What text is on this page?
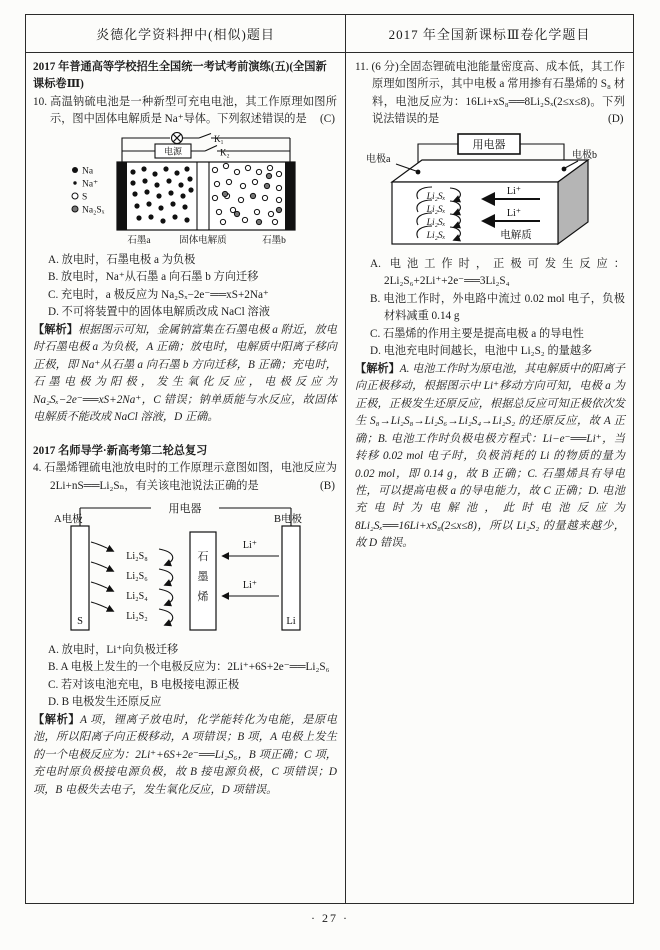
炎德化学资料押中(相似)题目	2017 年全国新课标Ⅲ卷化学题目

2017 年普通高等学校招生全国统一考试考前演练(五)(全国新课标卷Ⅲ)

10. 高温钠硫电池是一种新型可充电电池，其工作原理如图所示，图中固体电解质是 Na⁺导体。下列叙述错误的是 (C)

K₁
电源	K₂
Na
Na⁺
S
Na₂Sₓ
石墨a	固体电解质	石墨b

A. 放电时，石墨电极 a 为负极

B. 放电时，Na⁺从石墨 a 向石墨 b 方向迁移

C. 充电时，a 极反应为 Na₂Sₓ−2e⁻══xS+2Na⁺

D. 不可将装置中的固体电解质改成 NaCl 溶液

【解析】根据图示可知，金属钠富集在石墨电极 a 附近，放电时石墨电极 a 为负极，A 正确；放电时，电解质中阳离子移向正极，即 Na⁺从石墨 a 向石墨 b 方向迁移，B 正确；充电时，石墨电极为阳极，发生氧化反应，电极反应为 Na₂Sₓ−2e⁻══xS+2Na⁺，C 错误；钠单质能与水反应，故固体电解质不能改成 NaCl 溶液，D 正确。

2017 名师导学·新高考第二轮总复习

4. 石墨烯锂硫电池放电时的工作原理示意图如图，电池反应为 2Li+nS══Li₂Sₙ，有关该电池说法正确的是	(B)

用电器
A电极	B电极
石
墨
烯
S	Li
Li₂S₈
Li₂S₆
Li₂S₄
Li₂S₂
Li⁺
Li⁺

A. 放电时，Li⁺向负极迁移

B. A 电极上发生的一个电极反应为：2Li⁺+6S+2e⁻══Li₂S₆

C. 若对该电池充电，B 电极接电源正极

D. B 电极发生还原反应

【解析】A 项，锂离子放电时，化学能转化为电能，是原电池，所以阳离子向正极移动，A 项错误；B 项，A 电极上发生的一个电极反应为：2Li⁺+6S+2e⁻══Li₂S₆，B 项正确；C 项，充电时原负极接电源负极，故 B 接电源负极，C 项错误；D 项，B 电极失去电子，发生氧化反应，D 项错误。

11. (6 分)全固态锂硫电池能量密度高、成本低，其工作原理如图所示，其中电极 a 常用掺有石墨烯的 S₈ 材料，电池反应为：16Li+xS₈══8Li₂Sₓ(2≤x≤8)。下列说法错误的是	(D)

用电器
电极a	电极b
Li₂Sₓ
Li₂Sₓ
Li₂Sₓ
Li₂Sₓ
Li⁺
Li⁺
电解质

A. 电池工作时，正极可发生反应：2Li₂S₆+2Li⁺+2e⁻══3Li₂S₄

B. 电池工作时，外电路中流过 0.02 mol 电子，负极材料减重 0.14 g

C. 石墨烯的作用主要是提高电极 a 的导电性

D. 电池充电时间越长，电池中 Li₂S₂ 的量越多

【解析】A. 电池工作时为原电池，其电解质中的阳离子向正极移动，根据图示中 Li⁺移动方向可知，电极 a 为正极，正极发生还原反应，根据总反应可知正极依次发生 S₈→Li₂S₈→Li₂S₆→Li₂S₄→Li₂S₂ 的还原反应，故 A 正确；B. 电池工作时负极电极方程式：Li−e⁻══Li⁺，当转移 0.02 mol 电子时，负极消耗的 Li 的物质的量为 0.02 mol，即 0.14 g，故 B 正确；C. 石墨烯具有导电性，可以提高电极 a 的导电能力，故 C 正确；D. 电池充电时为电解池，此时电池反应为 8Li₂Sₓ══16Li+xS₈(2≤x≤8)，所以 Li₂S₂ 的量越来越少，故 D 错误。

· 27 ·
